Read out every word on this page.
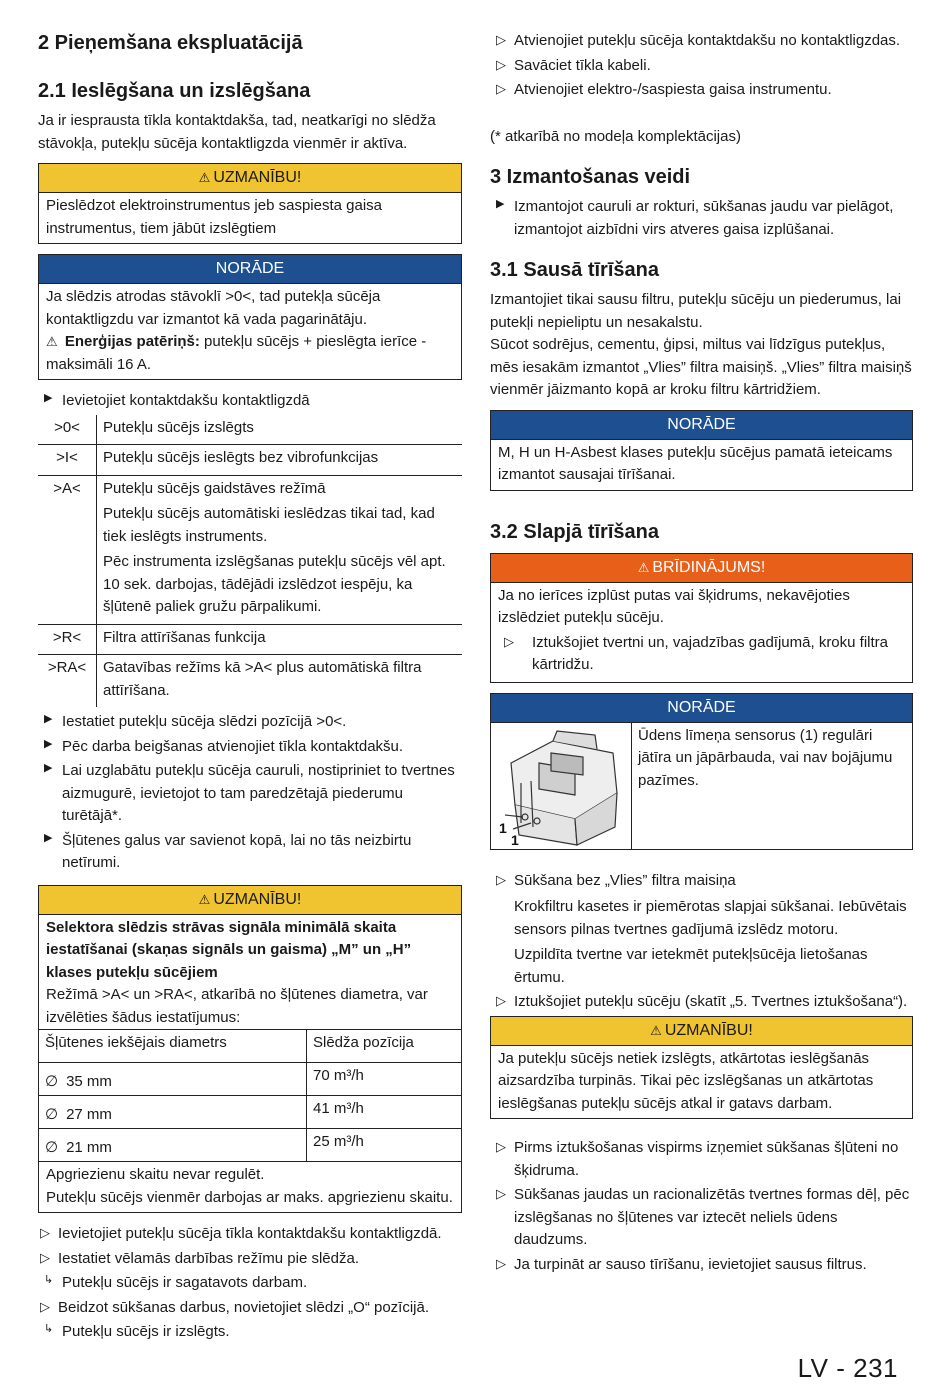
2 Pieņemšana ekspluatācijā
2.1 Ieslēgšana un izslēgšana

Ja ir iesprausta tīkla kontaktdakša, tad, neatkarīgi no slēdža stāvokļa, putekļu sūcēja kontaktligzda vienmēr ir aktīva.

⚠ UZMANĪBU!
Pieslēdzot elektroinstrumentus jeb saspiesta gaisa instrumentus, tiem jābūt izslēgtiem
NORĀDE

Ja slēdzis atrodas stāvoklī >0<, tad putekļa sūcēja kontaktligzdu var izmantot kā vada pagarinātāju.

⚠ Enerģijas patēriņš: putekļu sūcējs + pieslēgta ierīce - maksimāli 16 A.

▶ Ievietojiet kontaktdakšu kontaktligzdā
>0<	Putekļu sūcējs izslēgts

>I<	Putekļu sūcējs ieslēgts bez vibrofunkcijas

>A<	Putekļu sūcējs gaidstāves režīmā

Putekļu sūcējs automātiski ieslēdzas tikai tad, kad tiek ieslēgts instruments.

Pēc instrumenta izslēgšanas putekļu sūcējs vēl apt. 10 sek. darbojas, tādējādi izslēdzot iespēju, ka šļūtenē paliek gružu pārpalikumi.

>R<	Filtra attīrīšanas funkcija

>RA<	Gatavības režīms kā >A< plus automātiskā filtra attīrīšana.

▶ Iestatiet putekļu sūcēja slēdzi pozīcijā >0<.
▶ Pēc darba beigšanas atvienojiet tīkla kontaktdakšu.
▶ Lai uzglabātu putekļu sūcēja cauruli, nostipriniet to tvertnes aizmugurē, ievietojot to tam paredzētajā piederumu turētājā*.
▶ Šļūtenes galus var savienot kopā, lai no tās neizbirtu netīrumi.
⚠ UZMANĪBU!

Selektora slēdzis strāvas signāla minimālā skaita iestatīšanai (skaņas signāls un gaisma) „M” un „H” klases putekļu sūcējiem

Režīmā >A< un >RA<, atkarībā no šļūtenes diametra, var izvēlēties šādus iestatījumus:

Šļūtenes iekšējais diametrs	Slēdža pozīcija
∅ 35 mm	70 m³/h
∅ 27 mm	41 m³/h
∅ 21 mm	25 m³/h

Apgriezienu skaitu nevar regulēt.

Putekļu sūcējs vienmēr darbojas ar maks. apgriezienu skaitu.

▷ Ievietojiet putekļu sūcēja tīkla kontaktdakšu kontaktligzdā.
▷ Iestatiet vēlamās darbības režīmu pie slēdža.
↳ Putekļu sūcējs ir sagatavots darbam.
▷ Beidzot sūkšanas darbus, novietojiet slēdzi „O“ pozīcijā.
↳ Putekļu sūcējs ir izslēgts.
▷ Atvienojiet putekļu sūcēja kontaktdakšu no kontaktligzdas.
▷ Savāciet tīkla kabeli.
▷ Atvienojiet elektro-/saspiesta gaisa instrumentu.

(* atkarībā no modeļa komplektācijas)

3 Izmantošanas veidi
▶ Izmantojot cauruli ar rokturi, sūkšanas jaudu var pielāgot, izmantojot aizbīdni virs atveres gaisa izplūšanai.
3.1 Sausā tīrīšana

Izmantojiet tikai sausu filtru, putekļu sūcēju un piederumus, lai putekļi nepieliptu un nesakalstu.

Sūcot sodrējus, cementu, ģipsi, miltus vai līdzīgus putekļus, mēs iesakām izmantot „Vlies” filtra maisiņš. „Vlies” filtra maisiņš vienmēr jāizmanto kopā ar kroku filtru kārtridžiem.

NORĀDE
M, H un H-Asbest klases putekļu sūcējus pamatā ieteicams izmantot sausajai tīrīšanai.
3.2 Slapjā tīrīšana
⚠ BRĪDINĀJUMS!

Ja no ierīces izplūst putas vai šķidrums, nekavējoties izslēdziet putekļu sūcēju.

▷ Iztukšojiet tvertni un, vajadzības gadījumā, kroku filtra kārtridžu.
NORĀDE
1
1
Ūdens līmeņa sensorus (1) regulāri jātīra un jāpārbauda, vai nav bojājumu pazīmes.
▷ Sūkšana bez „Vlies” filtra maisiņa

Krokfiltru kasetes ir piemērotas slapjai sūkšanai. Iebūvētais sensors pilnas tvertnes gadījumā izslēdz motoru.

Uzpildīta tvertne var ietekmēt putekļsūcēja lietošanas ērtumu.

▷ Iztukšojiet putekļu sūcēju (skatīt „5. Tvertnes iztukšošana“).
⚠ UZMANĪBU!
Ja putekļu sūcējs netiek izslēgts, atkārtotas ieslēgšanās aizsardzība turpinās. Tikai pēc izslēgšanas un atkārtotas ieslēgšanas putekļu sūcējs atkal ir gatavs darbam.
▷ Pirms iztukšošanas vispirms izņemiet sūkšanas šļūteni no šķidruma.
▷ Sūkšanas jaudas un racionalizētās tvertnes formas dēļ, pēc izslēgšanas no šļūtenes var iztecēt neliels ūdens daudzums.
▷ Ja turpināt ar sauso tīrīšanu, ievietojiet sausus filtrus.
LV - 231
